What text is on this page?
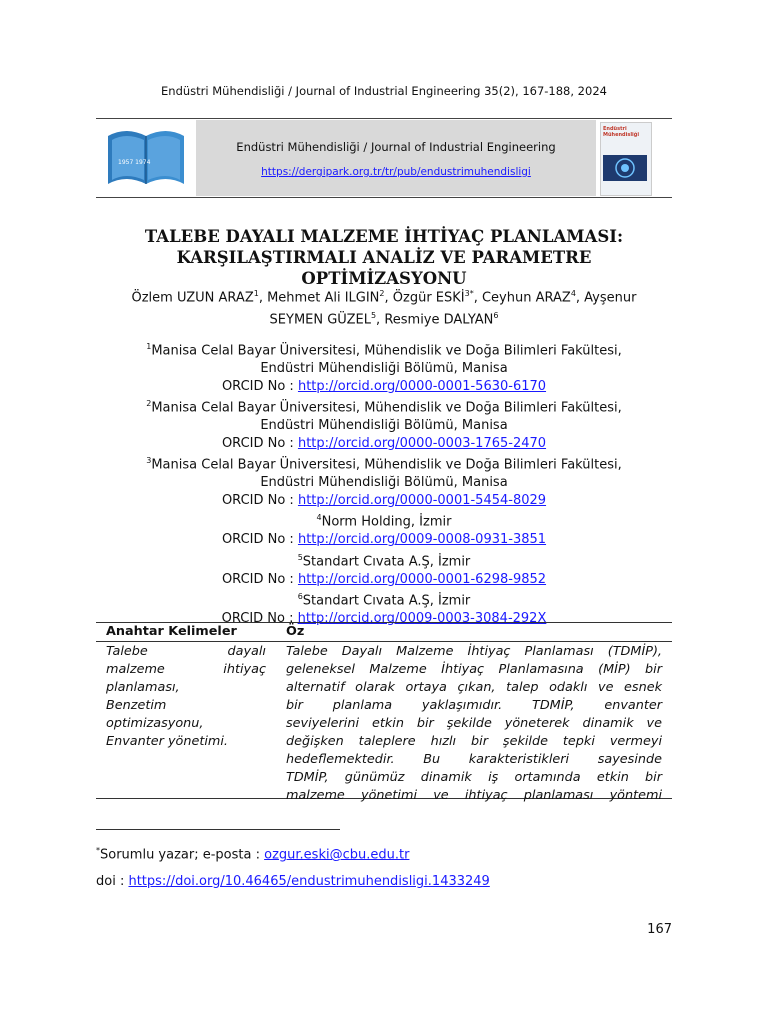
Endüstri Mühendisliği / Journal of Industrial Engineering 35(2), 167-188, 2024
1957 1974
Endüstri Mühendisliği / Journal of Industrial Engineering
https://dergipark.org.tr/tr/pub/endustrimuhendisligi
Endüstri Mühendisliği
TALEBE DAYALI MALZEME İHTİYAÇ PLANLAMASI:
KARŞILAŞTIRMALI ANALİZ VE PARAMETRE OPTİMİZASYONU
Özlem UZUN ARAZ$^1$, Mehmet Ali ILGIN$^2$, Özgür $ESKİ^{3*}$, Ceyhun ARAZ$^4$, Ayşenur
SEYMEN GÜZEL$^5$, Resmiye DALYAN$^6$
$^1$Manisa Celal Bayar Üniversitesi, Mühendislik ve Doğa Bilimleri Fakültesi,
Endüstri Mühendisliği Bölümü, Manisa
ORCID No : http://orcid.org/0000-0001-5630-6170
$^2$Manisa Celal Bayar Üniversitesi, Mühendislik ve Doğa Bilimleri Fakültesi,
Endüstri Mühendisliği Bölümü, Manisa
ORCID No : http://orcid.org/0000-0003-1765-2470
$^3$Manisa Celal Bayar Üniversitesi, Mühendislik ve Doğa Bilimleri Fakültesi,
Endüstri Mühendisliği Bölümü, Manisa
ORCID No : http://orcid.org/0000-0001-5454-8029
$^4$Norm Holding, İzmir
ORCID No : http://orcid.org/0009-0008-0931-3851
$^5$Standart Cıvata A.Ş, İzmir
ORCID No : http://orcid.org/0000-0001-6298-9852
$^6$Standart Cıvata A.Ş, İzmir
ORCID No : http://orcid.org/0009-0003-3084-292X
Anahtar Kelimeler	Öz
Talebe dayalı
malzeme ihtiyaç
planlaması,
Benzetim
optimizasyonu,
Envanter yönetimi.
Talebe Dayalı Malzeme İhtiyaç Planlaması (TDMİP),
geleneksel Malzeme İhtiyaç Planlamasına (MİP) bir
alternatif olarak ortaya çıkan, talep odaklı ve esnek
bir planlama yaklaşımıdır. TDMİP, envanter
seviyelerini etkin bir şekilde yöneterek dinamik ve
değişken taleplere hızlı bir şekilde tepki vermeyi
hedeflemektedir. Bu karakteristikleri sayesinde
TDMİP, günümüz dinamik iş ortamında etkin bir
malzeme yönetimi ve ihtiyaç planlaması yöntemi
*Sorumlu yazar; e-posta : ozgur.eski@cbu.edu.tr
doi : https://doi.org/10.46465/endustrimuhendisligi.1433249
167
